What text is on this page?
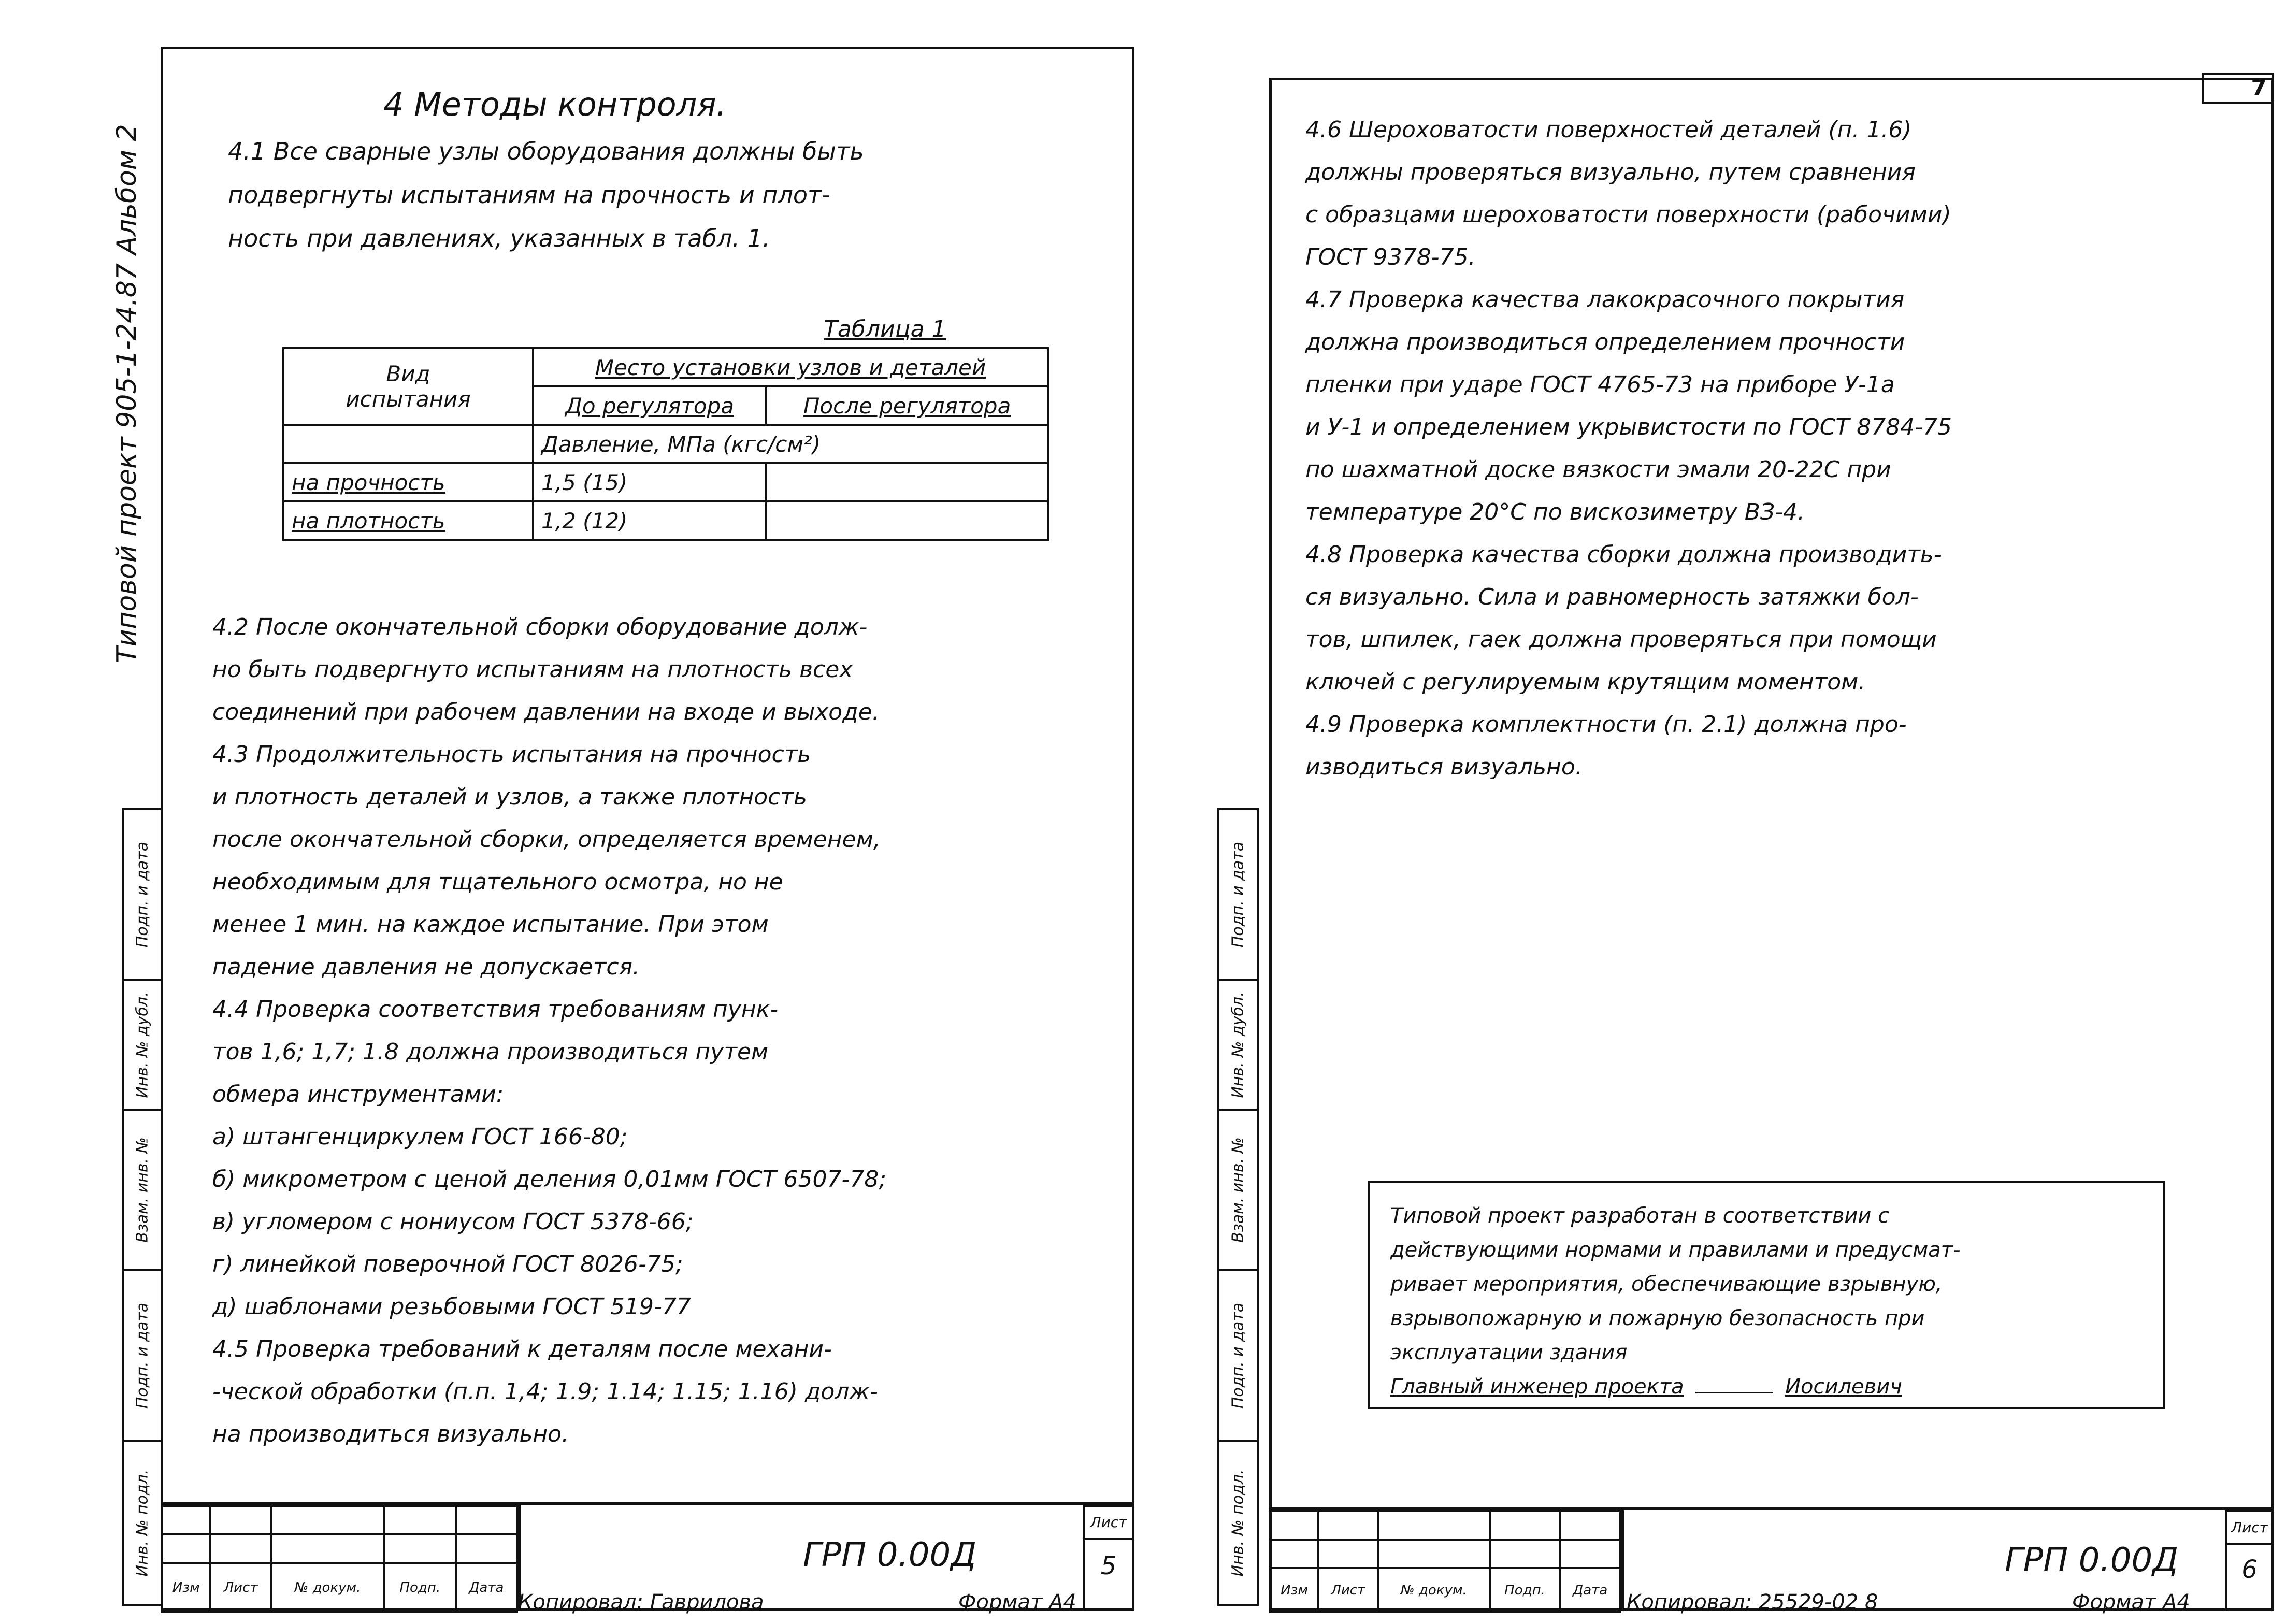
Типовой проект 905-1-24.87 Альбом 2
Подп. и дата
Инв. № дубл.
Взам. инв. №
Подп. и дата
Инв. № подл.
4 Методы контроля.
4.1 Все сварные узлы оборудования должны быть
подвергнуты испытаниям на прочность и плот-
ность при давлениях, указанных в табл. 1.
Таблица 1
Вид
испытания	Место установки узлов и деталей	
	До регулятора	После регулятора
	Давление, МПа (кгс/см²)	
на прочность	1,5 (15)	
на плотность	1,2 (12)	
4.2 После окончательной сборки оборудование долж-
но быть подвергнуто испытаниям на плотность всех
соединений при рабочем давлении на входе и выходе.
4.3 Продолжительность испытания на прочность
и плотность деталей и узлов, а также плотность
после окончательной сборки, определяется временем,
необходимым для тщательного осмотра, но не
менее 1 мин. на каждое испытание. При этом
падение давления не допускается.
4.4 Проверка соответствия требованиям пунк-
тов 1,6; 1,7; 1.8 должна производиться путем
обмера инструментами:
а) штангенциркулем ГОСТ 166-80;
б) микрометром с ценой деления 0,01мм ГОСТ 6507-78;
в) угломером с нониусом ГОСТ 5378-66;
г) линейкой поверочной ГОСТ 8026-75;
д) шаблонами резьбовыми ГОСТ 519-77
4.5 Проверка требований к деталям после механи-
-ческой обработки (п.п. 1,4; 1.9; 1.14; 1.15; 1.16) долж-
на производиться визуально.

Изм	Лист	№ докум.	Подп.	Дата
ГРП 0.00Д
Лист
5
Копировал: Гаврилова	Формат А4
7
Подп. и дата
Инв. № дубл.
Взам. инв. №
Подп. и дата
Инв. № подл.
4.6 Шероховатости поверхностей деталей (п. 1.6)
должны проверяться визуально, путем сравнения
с образцами шероховатости поверхности (рабочими)
ГОСТ 9378-75.
4.7 Проверка качества лакокрасочного покрытия
должна производиться определением прочности
пленки при ударе ГОСТ 4765-73 на приборе У-1а
и У-1 и определением укрывистости по ГОСТ 8784-75
по шахматной доске вязкости эмали 20-22С при
температуре 20°С по вискозиметру ВЗ-4.
4.8 Проверка качества сборки должна производить-
ся визуально. Сила и равномерность затяжки бол-
тов, шпилек, гаек должна проверяться при помощи
ключей с регулируемым крутящим моментом.
4.9 Проверка комплектности (п. 2.1) должна про-
изводиться визуально.
Типовой проект разработан в соответствии с
действующими нормами и правилами и предусмат-
ривает мероприятия, обеспечивающие взрывную,
взрывопожарную и пожарную безопасность при
эксплуатации здания
Главный инженер проекта	Иосилевич

Изм	Лист	№ докум.	Подп.	Дата
ГРП 0.00Д
Лист
6
Копировал: 25529-02 8	Формат А4
